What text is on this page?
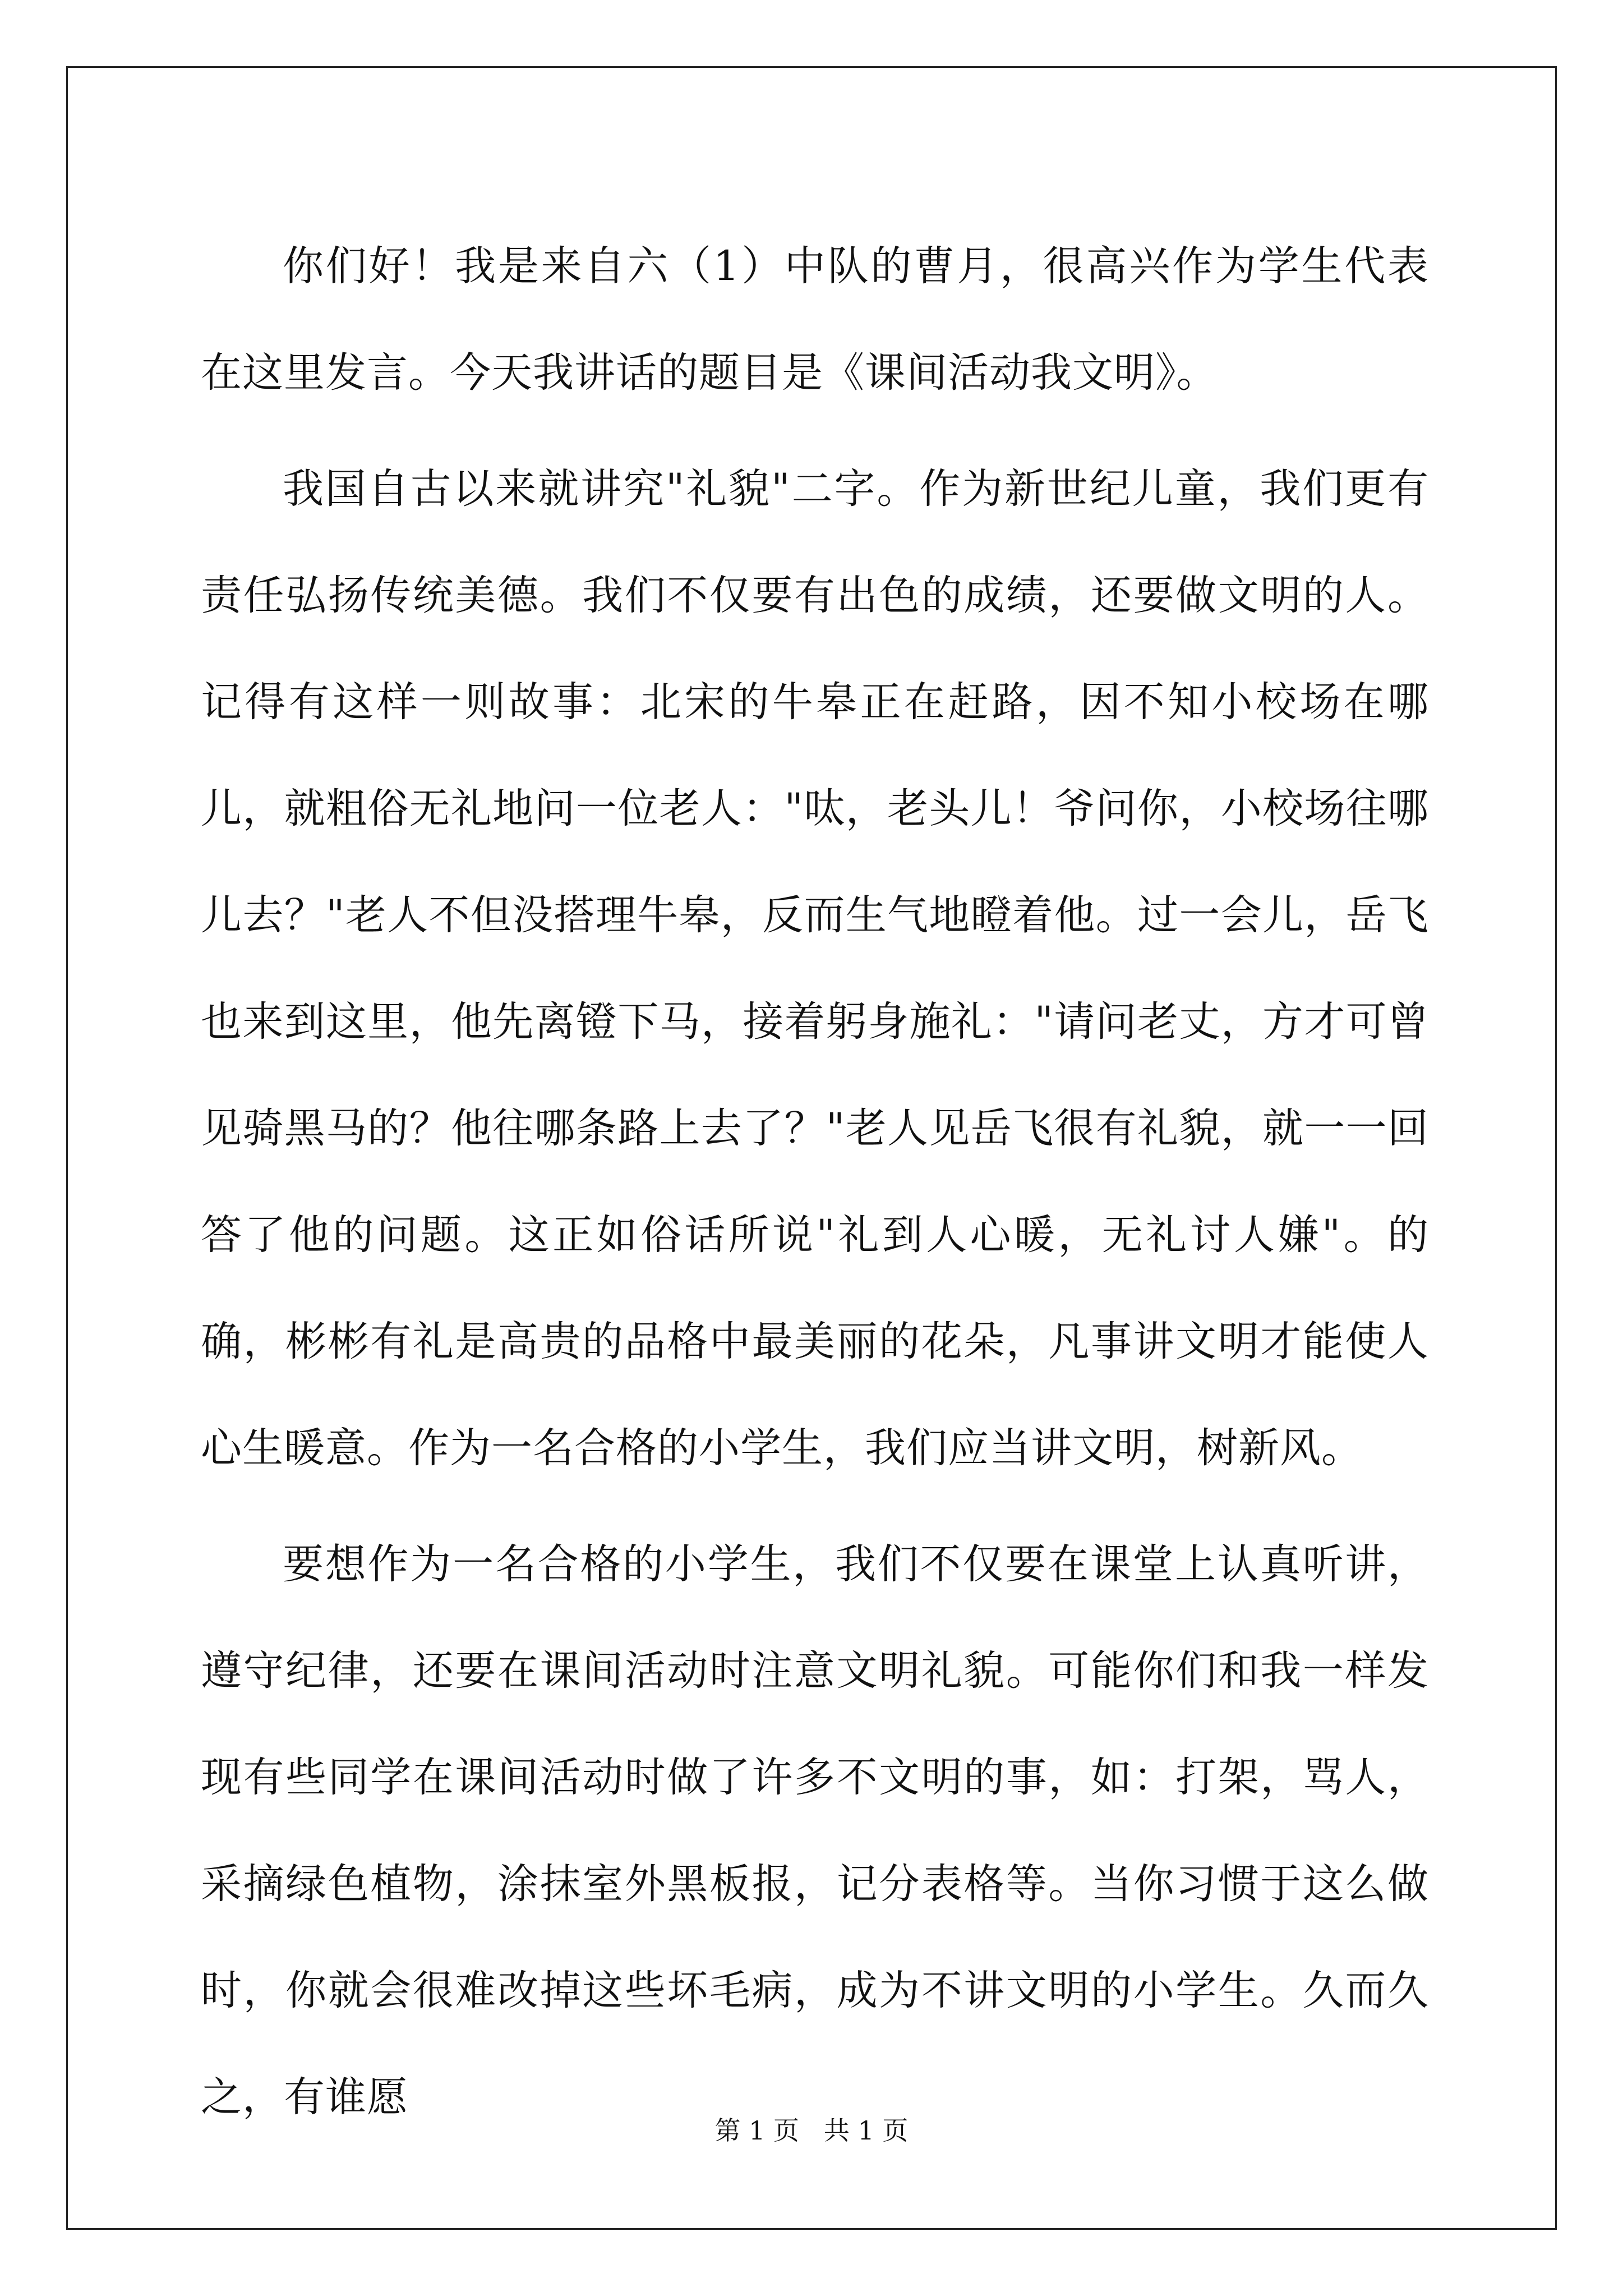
你们好！我是来自六（1）中队的曹月，很高兴作为学生代表在这里发言。今天我讲话的题目是《课间活动我文明》。

我国自古以来就讲究"礼貌"二字。作为新世纪儿童，我们更有责任弘扬传统美德。我们不仅要有出色的成绩，还要做文明的人。记得有这样一则故事：北宋的牛皋正在赶路，因不知小校场在哪儿，就粗俗无礼地问一位老人："呔，老头儿！爷问你，小校场往哪儿去？"老人不但没搭理牛皋，反而生气地瞪着他。过一会儿，岳飞也来到这里，他先离镫下马，接着躬身施礼："请问老丈，方才可曾见骑黑马的？他往哪条路上去了？"老人见岳飞很有礼貌，就一一回答了他的问题。这正如俗话所说"礼到人心暖，无礼讨人嫌"。的确，彬彬有礼是高贵的品格中最美丽的花朵，凡事讲文明才能使人心生暖意。作为一名合格的小学生，我们应当讲文明，树新风。

要想作为一名合格的小学生，我们不仅要在课堂上认真听讲，遵守纪律，还要在课间活动时注意文明礼貌。可能你们和我一样发现有些同学在课间活动时做了许多不文明的事，如：打架，骂人，采摘绿色植物，涂抹室外黑板报，记分表格等。当你习惯于这么做时，你就会很难改掉这些坏毛病，成为不讲文明的小学生。久而久之，有谁愿

第 1 页   共 1 页
